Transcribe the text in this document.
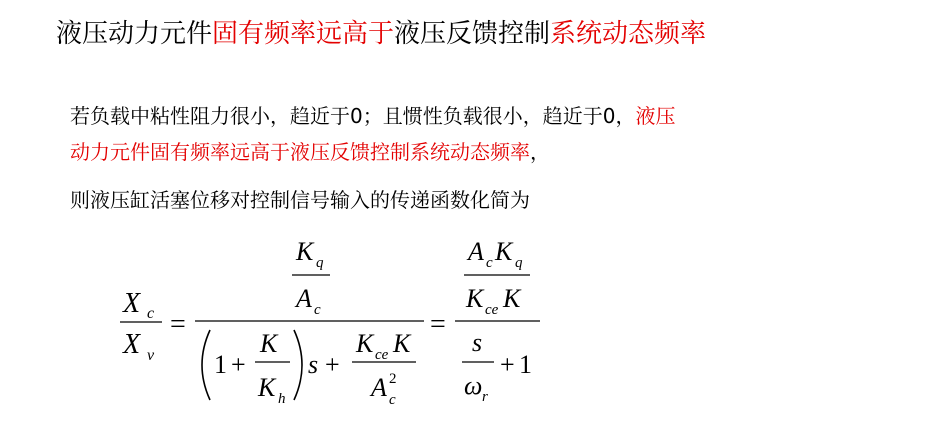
液压动力元件固有频率远高于液压反馈控制系统动态频率
若负载中粘性阻力很小，趋近于0；且惯性负载很小，趋近于0，液压
动力元件固有频率远高于液压反馈控制系统动态频率，
则液压缸活塞位移对控制信号输入的传递函数化简为
X c
X v
=
K q
A c
1 +
K
K h
s +
K ce K
A 2
c
=
A c K q
K ce K
s
ω r
+ 1
